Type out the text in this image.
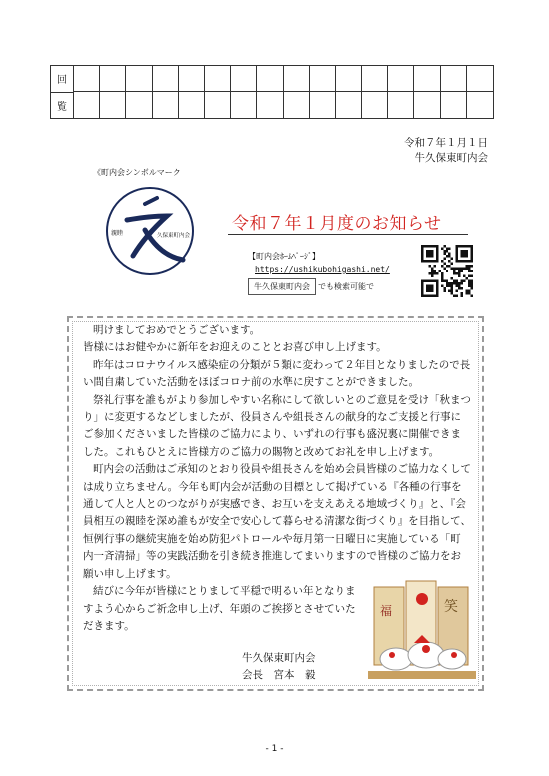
回
覧
令和７年１月１日
牛久保東町内会
《町内会シンボルマーク
親睦	久保東町内会
令和７年１月度のお知らせ
【町内会ﾎｰﾑﾍﾟｰｼﾞ】
https://ushikubohigashi.net/
牛久保東町内会	でも検索可能で

明けましておめでとうございます。

皆様にはお健やかに新年をお迎えのこととお喜び申し上げます。

昨年はコロナウイルス感染症の分類が５類に変わって２年目となりましたので長い間自粛していた活動をほぼコロナ前の水準に戻すことができました。

祭礼行事を誰もがより参加しやすい名称にして欲しいとのご意見を受け「秋まつり」に変更するなどしましたが、役員さんや組長さんの献身的なご支援と行事にご参加くださいました皆様のご協力により、いずれの行事も盛況裏に開催できました。これもひとえに皆様方のご協力の賜物と改めてお礼を申し上げます。

町内会の活動はご承知のとおり役員や組長さんを始め会員皆様のご協力なくしては成り立ちません。今年も町内会が活動の目標として掲げている『各種の行事を通して人と人とのつながりが実感でき、お互いを支えあえる地域づくり』と、『会員相互の親睦を深め誰もが安全で安心して暮らせる清潔な街づくり』を目指して、恒例行事の継続実施を始め防犯パトロールや毎月第一日曜日に実施している「町内一斉清掃」等の実践活動を引き続き推進してまいりますので皆様のご協力をお願い申し上げます。

結びに今年が皆様にとりまして平穏で明るい年となりますよう心からご祈念申し上げ、年頭のご挨拶とさせていただきます。

牛久保東町内会
会長　宮本　毅
福	笑
- 1 -
